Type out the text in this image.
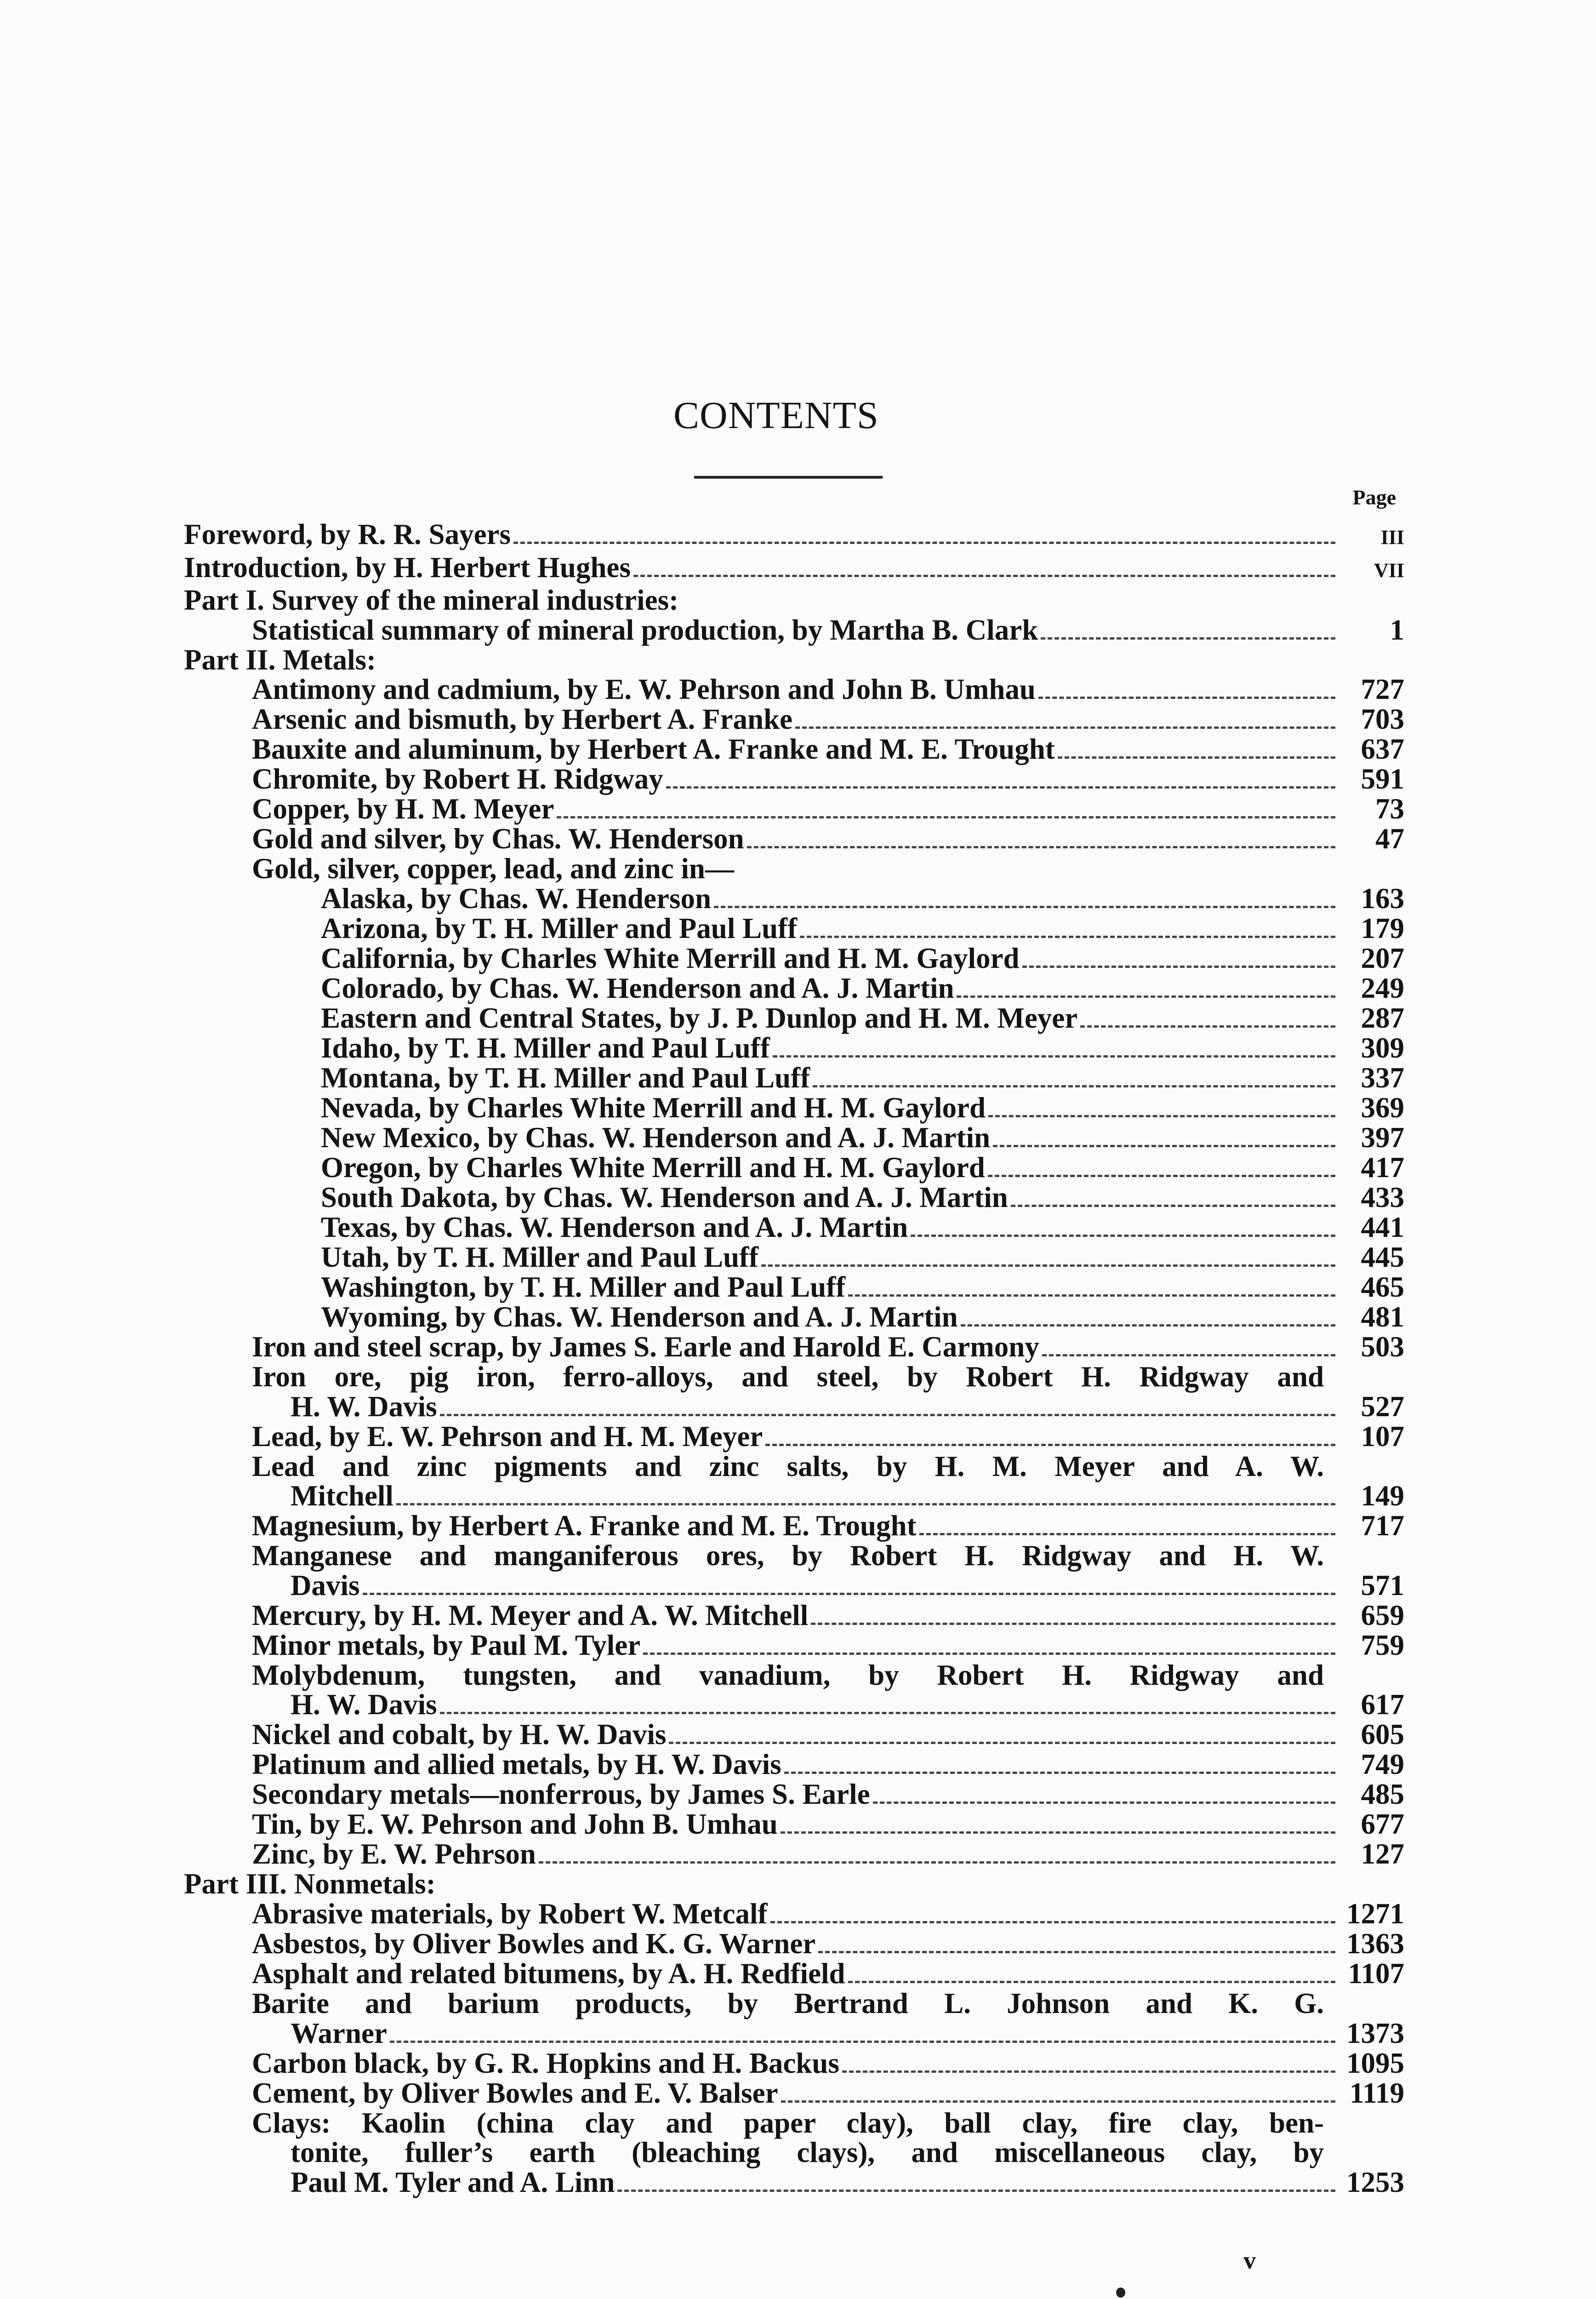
CONTENTS
Page
Foreword, by R. R. Sayers	III
Introduction, by H. Herbert Hughes	VII
Part I. Survey of the mineral industries:
Statistical summary of mineral production, by Martha B. Clark	1
Part II. Metals:
Antimony and cadmium, by E. W. Pehrson and John B. Umhau	727
Arsenic and bismuth, by Herbert A. Franke	703
Bauxite and aluminum, by Herbert A. Franke and M. E. Trought	637
Chromite, by Robert H. Ridgway	591
Copper, by H. M. Meyer	73
Gold and silver, by Chas. W. Henderson	47
Gold, silver, copper, lead, and zinc in—
Alaska, by Chas. W. Henderson	163
Arizona, by T. H. Miller and Paul Luff	179
California, by Charles White Merrill and H. M. Gaylord	207
Colorado, by Chas. W. Henderson and A. J. Martin	249
Eastern and Central States, by J. P. Dunlop and H. M. Meyer	287
Idaho, by T. H. Miller and Paul Luff	309
Montana, by T. H. Miller and Paul Luff	337
Nevada, by Charles White Merrill and H. M. Gaylord	369
New Mexico, by Chas. W. Henderson and A. J. Martin	397
Oregon, by Charles White Merrill and H. M. Gaylord	417
South Dakota, by Chas. W. Henderson and A. J. Martin	433
Texas, by Chas. W. Henderson and A. J. Martin	441
Utah, by T. H. Miller and Paul Luff	445
Washington, by T. H. Miller and Paul Luff	465
Wyoming, by Chas. W. Henderson and A. J. Martin	481
Iron and steel scrap, by James S. Earle and Harold E. Carmony	503
Iron ore, pig iron, ferro-alloys, and steel, by Robert H. Ridgway and
H. W. Davis	527
Lead, by E. W. Pehrson and H. M. Meyer	107
Lead and zinc pigments and zinc salts, by H. M. Meyer and A. W.
Mitchell	149
Magnesium, by Herbert A. Franke and M. E. Trought	717
Manganese and manganiferous ores, by Robert H. Ridgway and H. W.
Davis	571
Mercury, by H. M. Meyer and A. W. Mitchell	659
Minor metals, by Paul M. Tyler	759
Molybdenum, tungsten, and vanadium, by Robert H. Ridgway and
H. W. Davis	617
Nickel and cobalt, by H. W. Davis	605
Platinum and allied metals, by H. W. Davis	749
Secondary metals—nonferrous, by James S. Earle	485
Tin, by E. W. Pehrson and John B. Umhau	677
Zinc, by E. W. Pehrson	127
Part III. Nonmetals:
Abrasive materials, by Robert W. Metcalf	1271
Asbestos, by Oliver Bowles and K. G. Warner	1363
Asphalt and related bitumens, by A. H. Redfield	1107
Barite and barium products, by Bertrand L. Johnson and K. G.
Warner	1373
Carbon black, by G. R. Hopkins and H. Backus	1095
Cement, by Oliver Bowles and E. V. Balser	1119
Clays: Kaolin (china clay and paper clay), ball clay, fire clay, ben-
tonite, fuller’s earth (bleaching clays), and miscellaneous clay, by
Paul M. Tyler and A. Linn	1253
v
